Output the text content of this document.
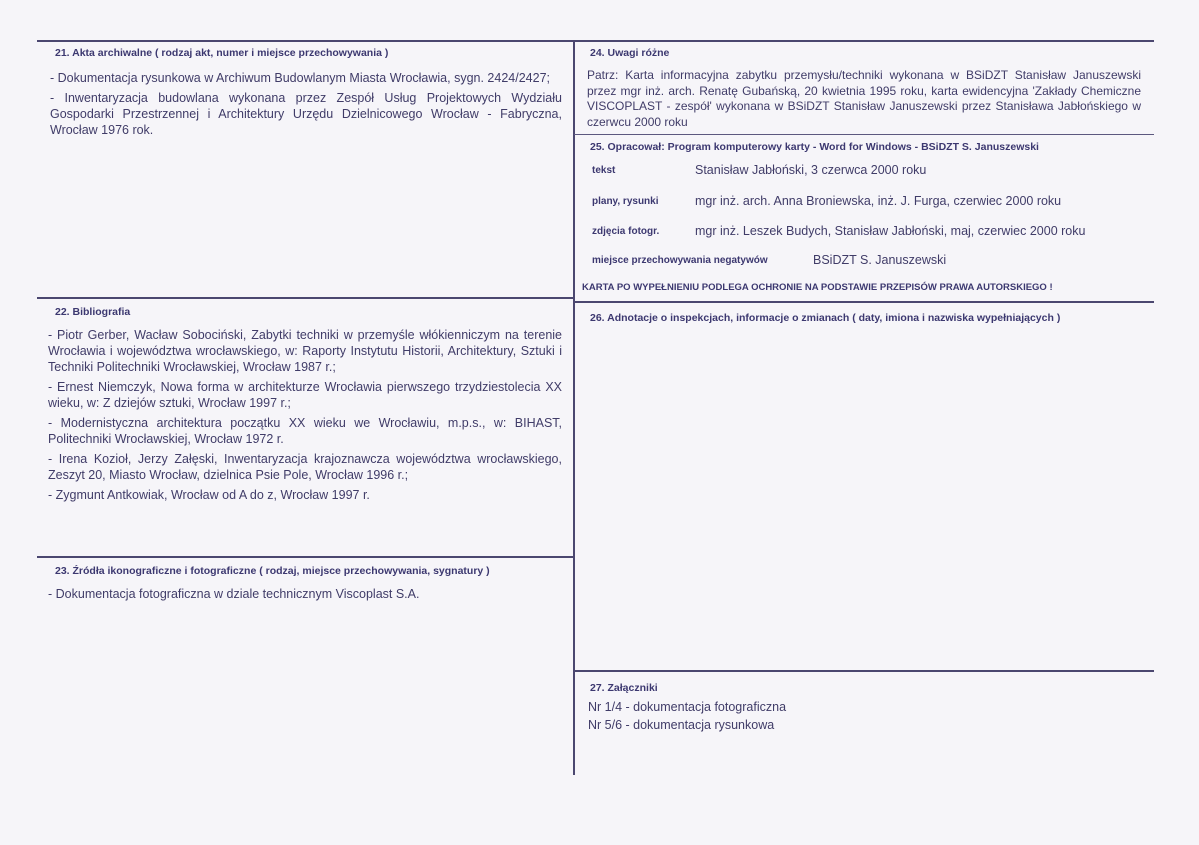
21. Akta archiwalne ( rodzaj akt, numer i miejsce przechowywania )
- Dokumentacja rysunkowa w Archiwum Budowlanym Miasta Wrocławia, sygn. 2424/2427;
- Inwentaryzacja budowlana wykonana przez Zespół Usług Projektowych Wydziału Gospodarki Przestrzennej i Architektury Urzędu Dzielnicowego Wrocław - Fabryczna, Wrocław 1976 rok.
22. Bibliografia
- Piotr Gerber, Wacław Sobociński, Zabytki techniki w przemyśle włókienniczym na terenie Wrocławia i województwa wrocławskiego, w: Raporty Instytutu Historii, Architektury, Sztuki i Techniki Politechniki Wrocławskiej, Wrocław 1987 r.;
- Ernest Niemczyk, Nowa forma w architekturze Wrocławia pierwszego trzydziestolecia XX wieku, w: Z dziejów sztuki, Wrocław 1997 r.;
- Modernistyczna architektura początku XX wieku we Wrocławiu, m.p.s., w: BIHAST, Politechniki Wrocławskiej, Wrocław 1972 r.
- Irena Kozioł, Jerzy Załęski, Inwentaryzacja krajoznawcza województwa wrocławskiego, Zeszyt 20, Miasto Wrocław, dzielnica Psie Pole, Wrocław 1996 r.;
- Zygmunt Antkowiak, Wrocław od A do z, Wrocław 1997 r.
23. Źródła ikonograficzne i fotograficzne ( rodzaj, miejsce przechowywania, sygnatury )
- Dokumentacja fotograficzna w dziale technicznym Viscoplast S.A.
24. Uwagi różne
Patrz: Karta informacyjna zabytku przemysłu/techniki wykonana w BSiDZT Stanisław Januszewski przez mgr inż. arch. Renatę Gubańską, 20 kwietnia 1995 roku, karta ewidencyjna 'Zakłady Chemiczne VISCOPLAST - zespół' wykonana w BSiDZT Stanisław Januszewski przez Stanisława Jabłońskiego w czerwcu 2000 roku
25. Opracował: Program komputerowy karty - Word for Windows - BSiDZT S. Januszewski
tekst	Stanisław Jabłoński, 3 czerwca 2000 roku
plany, rysunki	mgr inż. arch. Anna Broniewska, inż. J. Furga, czerwiec 2000 roku
zdjęcia fotogr.	mgr inż. Leszek Budych, Stanisław Jabłoński, maj, czerwiec 2000 roku
miejsce przechowywania negatywów	BSiDZT S. Januszewski
KARTA PO WYPEŁNIENIU PODLEGA OCHRONIE NA PODSTAWIE PRZEPISÓW PRAWA AUTORSKIEGO !
26. Adnotacje o inspekcjach, informacje o zmianach ( daty, imiona i nazwiska wypełniających )
27. Załączniki
Nr 1/4 - dokumentacja fotograficzna
Nr 5/6 - dokumentacja rysunkowa
